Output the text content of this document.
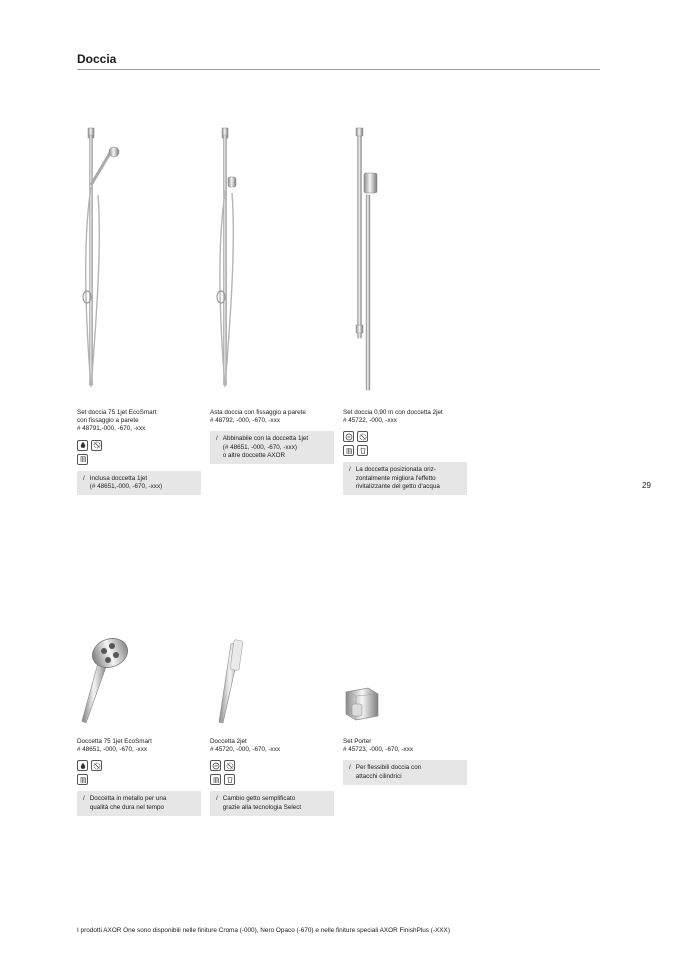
Doccia
29
Set doccia 75 1jet EcoSmart
con fissaggio a parete
# 48791,-000, -670, -xxx
/ Inclusa doccetta 1jet
(# 48651,-000, -670, -xxx)
Asta doccia con fissaggio a parete
# 48792, -000, -670, -xxx
/ Abbinabile con la doccetta 1jet
(# 48651, -000, -670, -xxx)
o altre doccette AXOR
Set doccia 0,90 m con doccetta 2jet
# 45722, -000, -xxx
/ La doccetta posizionata oriz-
zontalmente migliora l'effetto
rivitalizzante del getto d'acqua
Doccetta 75 1jet EcoSmart
# 48651, -000, -670, -xxx
/ Doccetta in metallo per una
qualità che dura nel tempo
Doccetta 2jet
# 45720, -000, -670, -xxx
/ Cambio getto semplificato
grazie alla tecnologia Select
Set Porter
# 45723, -000, -670, -xxx
/ Per flessibili doccia con
attacchi cilindrici
I prodotti AXOR One sono disponibili nelle finiture Croma (-000), Nero Opaco (-670) e nelle finiture speciali AXOR FinishPlus (-XXX)
